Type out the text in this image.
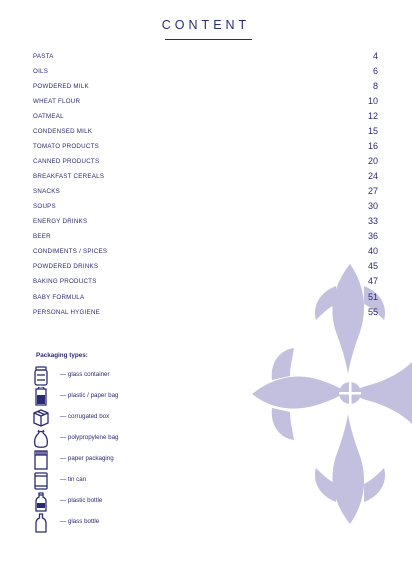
CONTENT
PASTA	4
OILS	6
POWDERED MILK	8
WHEAT FLOUR	10
OATMEAL	12
CONDENSED MILK	15
TOMATO PRODUCTS	16
CANNED PRODUCTS	20
BREAKFAST CEREALS	24
SNACKS	27
SOUPS	30
ENERGY DRINKS	33
BEER	36
CONDIMENTS / SPICES	40
POWDERED DRINKS	45
BAKING PRODUCTS	47
BABY FORMULA	51
PERSONAL HYGIENE	55
Packaging types:
— glass container
— plastic / paper bag
— corrugated box
— polypropylene bag
— paper packaging
— tin can
— plastic bottle
— glass bottle
